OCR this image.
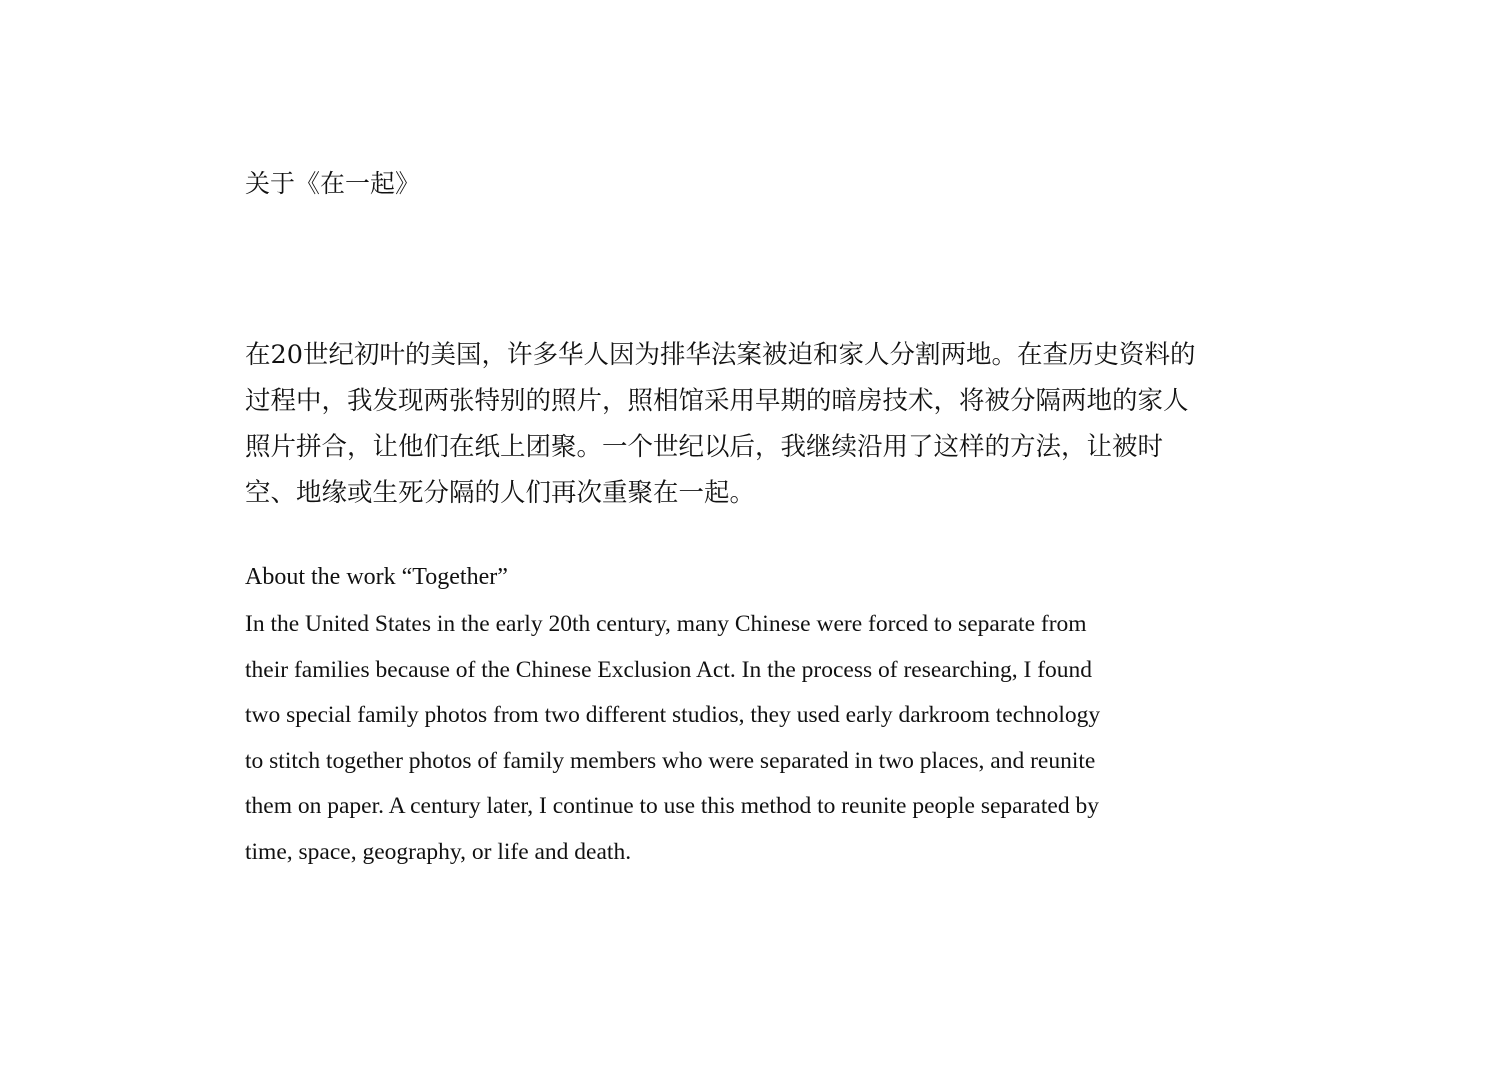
关于《在一起》
在20世纪初叶的美国，许多华人因为排华法案被迫和家人分割两地。在查历史资料的
过程中，我发现两张特别的照片，照相馆采用早期的暗房技术，将被分隔两地的家人
照片拼合，让他们在纸上团聚。一个世纪以后，我继续沿用了这样的方法，让被时
空、地缘或生死分隔的人们再次重聚在一起。
About the work “Together”
In the United States in the early 20th century, many Chinese were forced to separate from
their families because of the Chinese Exclusion Act. In the process of researching, I found
two special family photos from two different studios, they used early darkroom technology
to stitch together photos of family members who were separated in two places, and reunite
them on paper. A century later, I continue to use this method to reunite people separated by
time, space, geography, or life and death.
